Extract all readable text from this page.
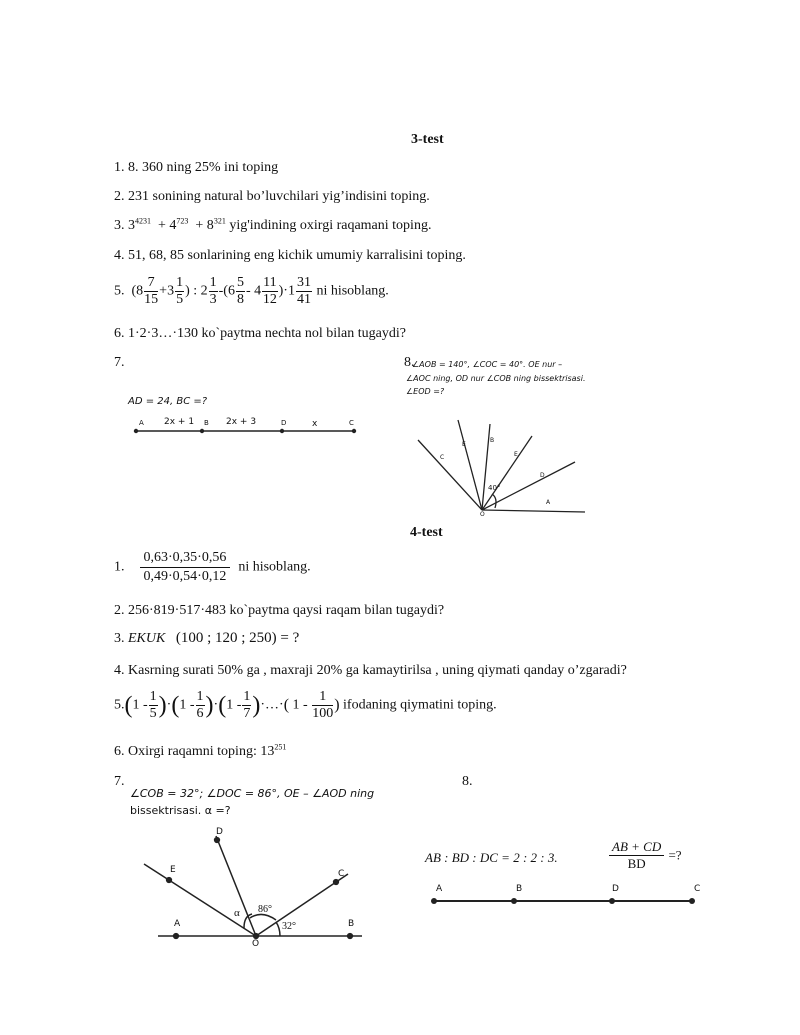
3-test
1. 8. 360 ning 25% ini toping
2. 231 sonining natural bo’luvchilari yig’indisini toping.
3. $3^{4231} + 4^{723} + 8^{321}$ yig'indining oxirgi raqamani toping.
4. 51, 68, 85 sonlarining eng kichik umumiy karralisini toping.
5. ($8 \frac{7}{15} +3 \frac{1}{5}$ ) : $2 \frac{1}{3} -(6 \frac{5}{8} - 4 \frac{11}{12} )\cdot 1 \frac{31}{41}$ ni hisoblang.
6. 1·2·3…·130 ko`paytma nechta nol bilan tugaydi?
7.
AD = 24, BC =?
2x + 1	2x + 3	x
A	B	D	C
8.
∠AOB = 140°, ∠COC = 40°. OE nur –
∠AOC ning, OD nur ∠COB ning bissektrisasi.
∠EOD =?
40°
C
E
B
E
D
A
O
4-test
1. $\frac{0,63\cdot 0,35\cdot 0,56}{0,49\cdot 0,54\cdot 0,12}$ ni hisoblang.
2. 256·819·517·483 ko`paytma qaysi raqam bilan tugaydi?
3. EKUK (100 ; 120 ; 250) = ?
4. Kasrning surati 50% ga , maxraji 20% ga kamaytirilsa , uning qiymati qanday o’zgaradi?
$5.(1 - \frac{1}{5} )\cdot(1 - \frac{1}{6} )\cdot(1 - \frac{1}{7}$ )·…·( $1 - \frac{1}{100}$ ) ifodaning qiymatini toping.
6. Oxirgi raqamni toping: $13^{251}$
7.
∠COB = 32°; ∠DOC = 86°, OE – ∠AOD ning
bissektrisasi. α =?
86°
32°
α
D
E	C
A	B
O
8.
AB : BD : DC = 2 : 2 : 3.	$\frac{AB + CD}{BD}$ =?
A	B	D	C
